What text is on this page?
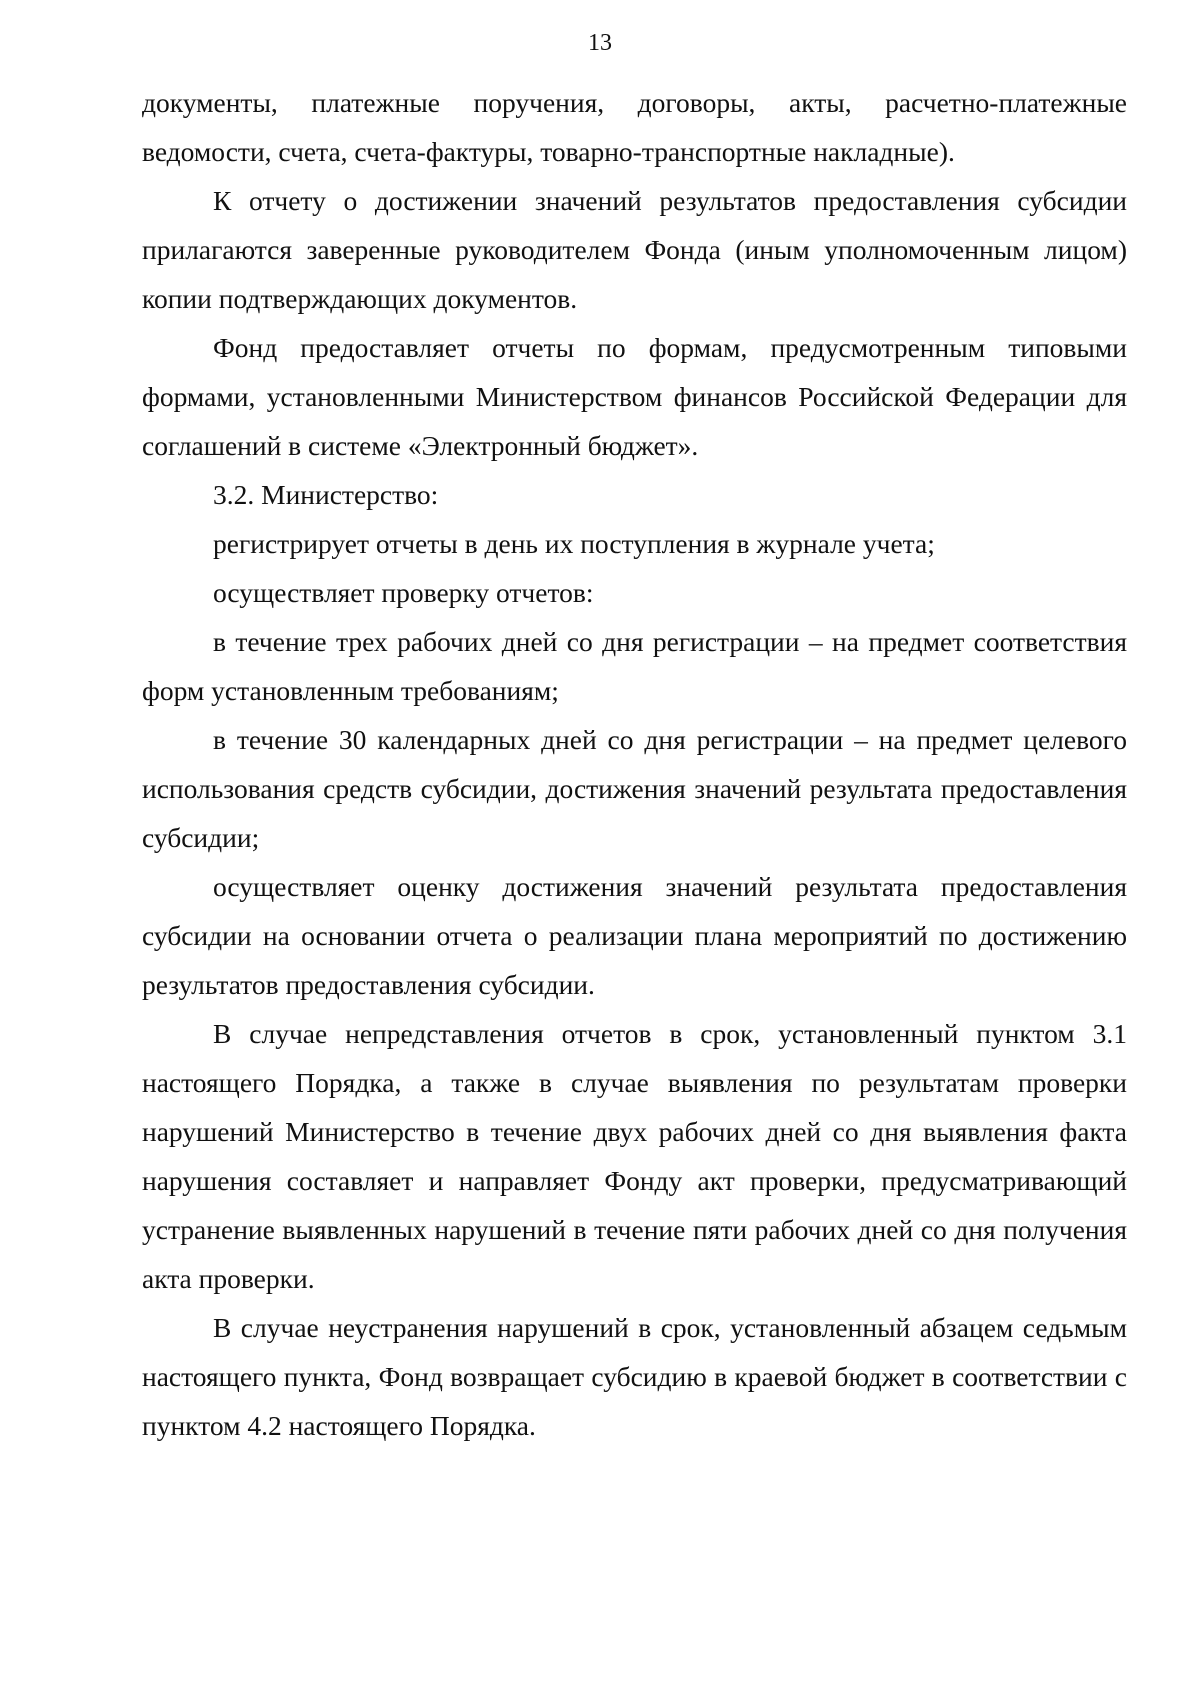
13

документы, платежные поручения, договоры, акты, расчетно-платежные ведомости, счета, счета-фактуры, товарно-транспортные накладные).

К отчету о достижении значений результатов предоставления субсидии прилагаются заверенные руководителем Фонда (иным уполномоченным лицом) копии подтверждающих документов.

Фонд предоставляет отчеты по формам, предусмотренным типовыми формами, установленными Министерством финансов Российской Федерации для соглашений в системе «Электронный бюджет».

3.2. Министерство:

регистрирует отчеты в день их поступления в журнале учета;

осуществляет проверку отчетов:

в течение трех рабочих дней со дня регистрации – на предмет соответствия форм установленным требованиям;

в течение 30 календарных дней со дня регистрации – на предмет целевого использования средств субсидии, достижения значений результата предоставления субсидии;

осуществляет оценку достижения значений результата предоставления субсидии на основании отчета о реализации плана мероприятий по достижению результатов предоставления субсидии.

В случае непредставления отчетов в срок, установленный пунктом 3.1 настоящего Порядка, а также в случае выявления по результатам проверки нарушений Министерство в течение двух рабочих дней со дня выявления факта нарушения составляет и направляет Фонду акт проверки, предусматривающий устранение выявленных нарушений в течение пяти рабочих дней со дня получения акта проверки.

В случае неустранения нарушений в срок, установленный абзацем седьмым настоящего пункта, Фонд возвращает субсидию в краевой бюджет в соответствии с пунктом 4.2 настоящего Порядка.
